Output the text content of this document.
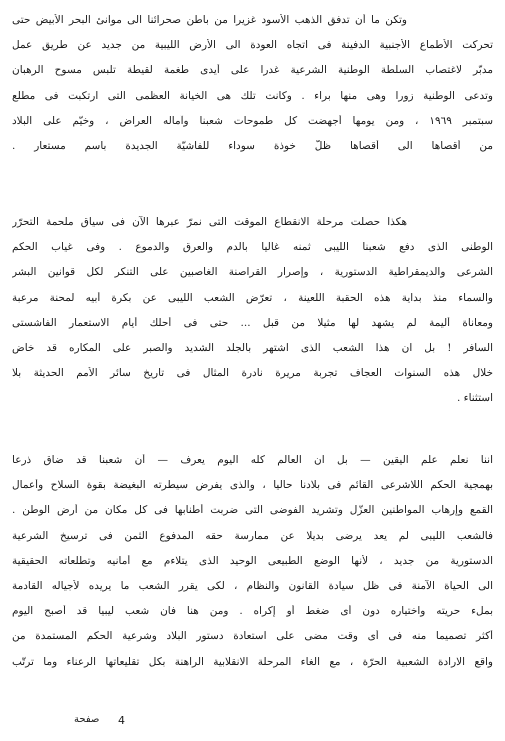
وتكن ما أن تدفق الذهب الأسود غزيرا من باطن صحرائنا الى موانئ البحر الأبيض حتى
تحركت الأطماع الأجنبية الدفينة فى اتجاه العودة الى الأرض الليبية من جديد عن طريق عمل
مدبّر لاغتصاب السلطة الوطنية الشرعية غدرا على أيدى طغمة لقيطة تلبس مسوح الرهبان
وتدعى الوطنية زورا وهى منها براء . وكانت تلك هى الخيانة العظمى التى ارتكبت فى مطلع
سبتمبر ١٩٦٩ ، ومن يومها أجهضت كل طموحات شعبنا وآماله العراض ، وخيّم على البلاد
من أقصاها الى أقصاها ظلّ خوذة سوداء للفاشيّة الجديدة باسم مستعار .
هكذا حصلت مرحلة الانقطاع الموقت التى نمرّ عبرها الآن فى سياق ملحمة التحرّر
الوطنى الذى دفع شعبنا الليبى ثمنه غاليا بالدم والعرق والدموع . وفى غياب الحكم
الشرعى والديمقراطية الدستورية ، وإصرار القراصنة الغاصبين على التنكر لكل قوانين البشر
والسماء منذ بداية هذه الحقبة اللعينة ، تعرّض الشعب الليبى عن بكرة أبيه لمحنة مرعبة
ومعاناة أليمة لم يشهد لها مثيلا من قبل ... حتى فى أحلك أيام الاستعمار الفاشستى
السافر ! بل ان هذا الشعب الذى اشتهر بالجلد الشديد والصبر على المكاره قد خاض
خلال هذه السنوات العجاف تجربة مريرة نادرة المثال فى تاريخ سائر الأمم الحديثة بلا
استثناء .
اننا نعلم علم اليقين — بل ان العالم كله اليوم يعرف — أن شعبنا قد ضاق ذرعا
بهمجية الحكم اللاشرعى القائم فى بلادنا حاليا ، والذى يفرض سيطرته البغيضة بقوة السلاح وأعمال
القمع وإرهاب المواطنين العزّل وتشريد الفوضى التى ضربت أطنابها فى كل مكان من أرض الوطن .
فالشعب الليبى لم يعد يرضى بديلا عن ممارسة حقه المدفوع الثمن فى ترسيخ الشرعية
الدستورية من جديد ، لأنها الوضع الطبيعى الوحيد الذى يتلاءم مع أمانيه وتطلعاته الحقيقية
الى الحياة الآمنة فى ظل سيادة القانون والنظام ، لكى يقرر الشعب ما يريده لأجياله القادمة
بملء حريته واختياره دون أى ضغط أو إكراه . ومن هنا فان شعب ليبيا قد أصبح اليوم
أكثر تصميما منه فى أى وقت مضى على استعادة دستور البلاد وشرعية الحكم المستمدة من
واقع الارادة الشعبية الحرّة ، مع الغاء المرحلة الانقلابية الراهنة بكل تقليعاتها الرعناء وما ترتّب
صفحة 4
